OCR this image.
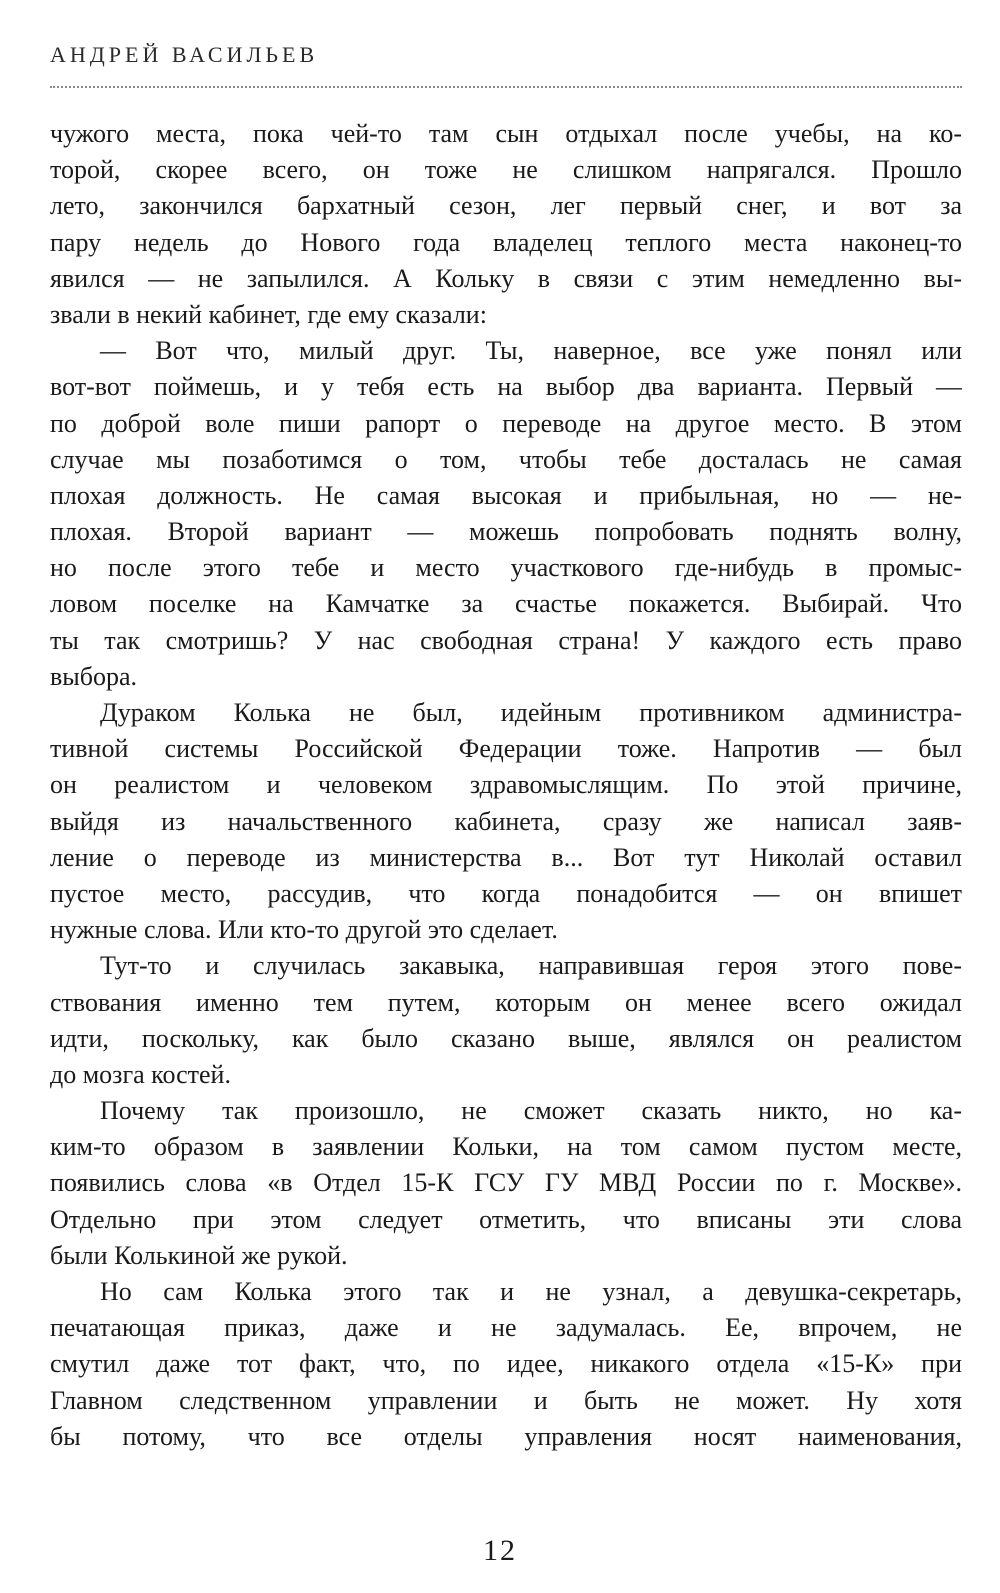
АНДРЕЙ ВАСИЛЬЕВ
чужого места, пока чей-то там сын отдыхал после учебы, на ко-
торой, скорее всего, он тоже не слишком напрягался. Прошло
лето, закончился бархатный сезон, лег первый снег, и вот за
пару недель до Нового года владелец теплого места наконец-то
явился — не запылился. А Кольку в связи с этим немедленно вы-
звали в некий кабинет, где ему сказали:
— Вот что, милый друг. Ты, наверное, все уже понял или
вот-вот поймешь, и у тебя есть на выбор два варианта. Первый —
по доброй воле пиши рапорт о переводе на другое место. В этом
случае мы позаботимся о том, чтобы тебе досталась не самая
плохая должность. Не самая высокая и прибыльная, но — не-
плохая. Второй вариант — можешь попробовать поднять волну,
но после этого тебе и место участкового где-нибудь в промыс-
ловом поселке на Камчатке за счастье покажется. Выбирай. Что
ты так смотришь? У нас свободная страна! У каждого есть право
выбора.
Дураком Колька не был, идейным противником администра-
тивной системы Российской Федерации тоже. Напротив — был
он реалистом и человеком здравомыслящим. По этой причине,
выйдя из начальственного кабинета, сразу же написал заяв-
ление о переводе из министерства в... Вот тут Николай оставил
пустое место, рассудив, что когда понадобится — он впишет
нужные слова. Или кто-то другой это сделает.
Тут-то и случилась закавыка, направившая героя этого пове-
ствования именно тем путем, которым он менее всего ожидал
идти, поскольку, как было сказано выше, являлся он реалистом
до мозга костей.
Почему так произошло, не сможет сказать никто, но ка-
ким-то образом в заявлении Кольки, на том самом пустом месте,
появились слова «в Отдел 15-К ГСУ ГУ МВД России по г. Москве».
Отдельно при этом следует отметить, что вписаны эти слова
были Колькиной же рукой.
Но сам Колька этого так и не узнал, а девушка-секретарь,
печатающая приказ, даже и не задумалась. Ее, впрочем, не
смутил даже тот факт, что, по идее, никакого отдела «15-К» при
Главном следственном управлении и быть не может. Ну хотя
бы потому, что все отделы управления носят наименования,
12
